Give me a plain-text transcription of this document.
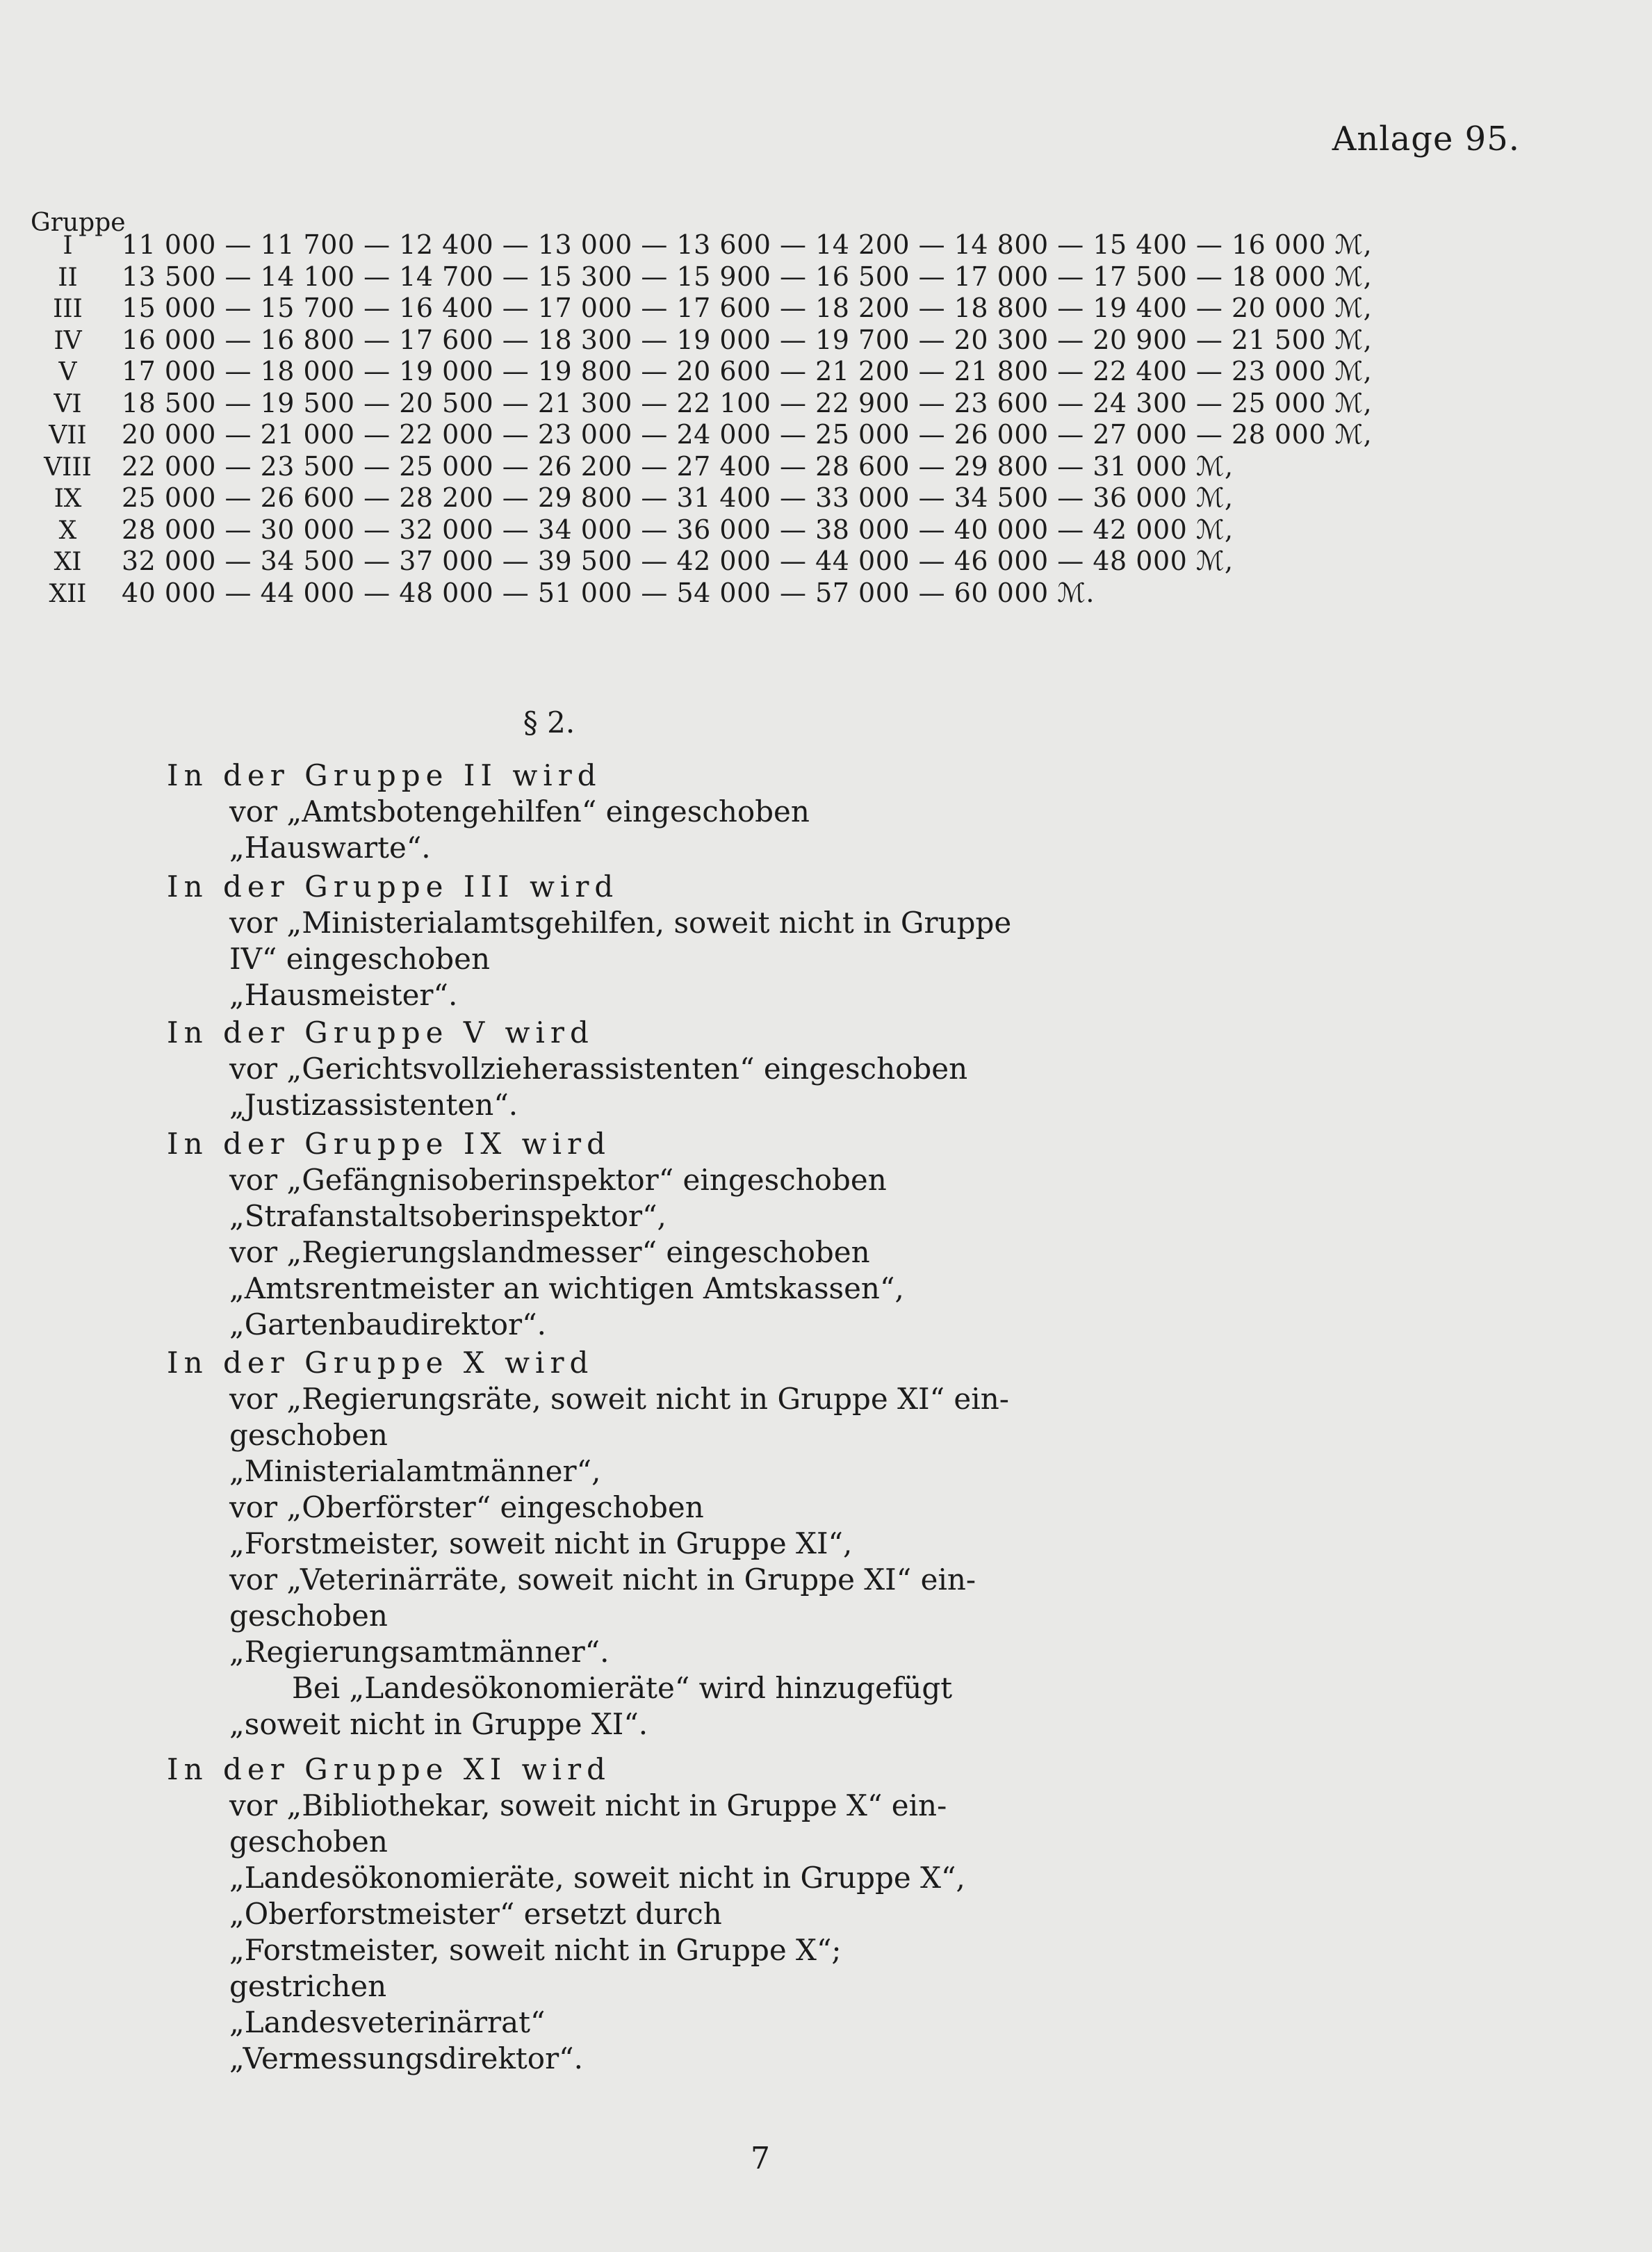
Anlage 95.
Gruppe
I	11 000 — 11 700 — 12 400 — 13 000 — 13 600 — 14 200 — 14 800 — 15 400 — 16 000 ℳ,
II	13 500 — 14 100 — 14 700 — 15 300 — 15 900 — 16 500 — 17 000 — 17 500 — 18 000 ℳ,
III	15 000 — 15 700 — 16 400 — 17 000 — 17 600 — 18 200 — 18 800 — 19 400 — 20 000 ℳ,
IV	16 000 — 16 800 — 17 600 — 18 300 — 19 000 — 19 700 — 20 300 — 20 900 — 21 500 ℳ,
V	17 000 — 18 000 — 19 000 — 19 800 — 20 600 — 21 200 — 21 800 — 22 400 — 23 000 ℳ,
VI	18 500 — 19 500 — 20 500 — 21 300 — 22 100 — 22 900 — 23 600 — 24 300 — 25 000 ℳ,
VII	20 000 — 21 000 — 22 000 — 23 000 — 24 000 — 25 000 — 26 000 — 27 000 — 28 000 ℳ,
VIII	22 000 — 23 500 — 25 000 — 26 200 — 27 400 — 28 600 — 29 800 — 31 000 ℳ,
IX	25 000 — 26 600 — 28 200 — 29 800 — 31 400 — 33 000 — 34 500 — 36 000 ℳ,
X	28 000 — 30 000 — 32 000 — 34 000 — 36 000 — 38 000 — 40 000 — 42 000 ℳ,
XI	32 000 — 34 500 — 37 000 — 39 500 — 42 000 — 44 000 — 46 000 — 48 000 ℳ,
XII	40 000 — 44 000 — 48 000 — 51 000 — 54 000 — 57 000 — 60 000 ℳ.
§ 2.
In der Gruppe II wird
vor „Amtsbotengehilfen“ eingeschoben
„Hauswarte“.
In der Gruppe III wird
vor „Ministerialamtsgehilfen, soweit nicht in Gruppe
IV“ eingeschoben
„Hausmeister“.
In der Gruppe V wird
vor „Gerichtsvollzieherassistenten“ eingeschoben
„Justizassistenten“.
In der Gruppe IX wird
vor „Gefängnisoberinspektor“ eingeschoben
„Strafanstaltsoberinspektor“,
vor „Regierungslandmesser“ eingeschoben
„Amtsrentmeister an wichtigen Amtskassen“,
„Gartenbaudirektor“.
In der Gruppe X wird
vor „Regierungsräte, soweit nicht in Gruppe XI“ ein-
geschoben
„Ministerialamtmänner“,
vor „Oberförster“ eingeschoben
„Forstmeister, soweit nicht in Gruppe XI“,
vor „Veterinärräte, soweit nicht in Gruppe XI“ ein-
geschoben
„Regierungsamtmänner“.
Bei „Landesökonomieräte“ wird hinzugefügt
„soweit nicht in Gruppe XI“.
In der Gruppe XI wird
vor „Bibliothekar, soweit nicht in Gruppe X“ ein-
geschoben
„Landesökonomieräte, soweit nicht in Gruppe X“,
„Oberforstmeister“ ersetzt durch
„Forstmeister, soweit nicht in Gruppe X“;
gestrichen
„Landesveterinärrat“
„Vermessungsdirektor“.
7
